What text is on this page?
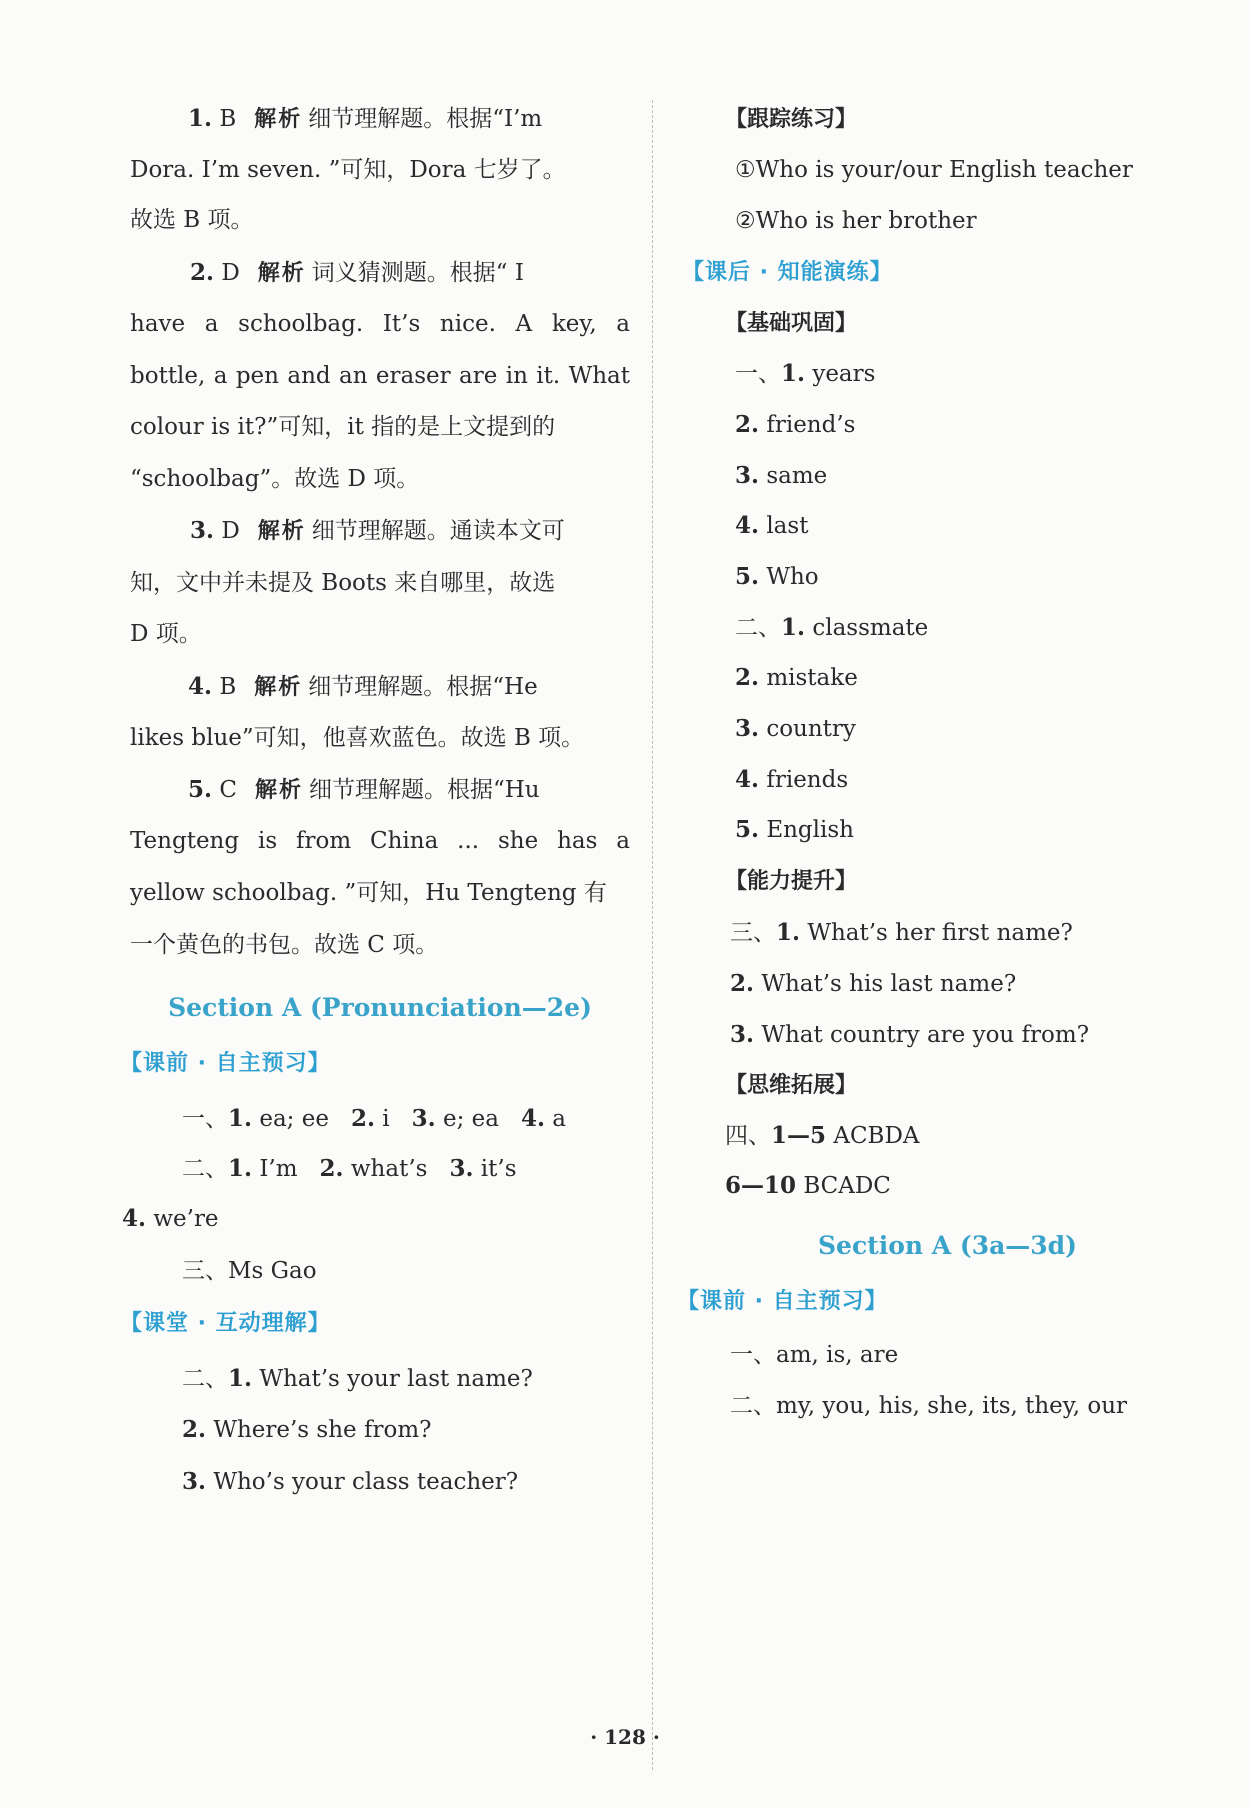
1. B 解析 细节理解题。根据“I’m
Dora. I’m seven. ”可知，Dora 七岁了。
故选 B 项。
2. D 解析 词义猜测题。根据“ I
have a schoolbag. It’s nice. A key, a
bottle, a pen and an eraser are in it. What
colour is it?”可知，it 指的是上文提到的
“schoolbag”。故选 D 项。
3. D 解析 细节理解题。通读本文可
知，文中并未提及 Boots 来自哪里，故选
D 项。
4. B 解析 细节理解题。根据“He
likes blue”可知，他喜欢蓝色。故选 B 项。
5. C 解析 细节理解题。根据“Hu
Tengteng is from China ... she has a
yellow schoolbag. ”可知，Hu Tengteng 有
一个黄色的书包。故选 C 项。
Section A (Pronunciation—2e)
【课前 · 自主预习】
一、1. ea; ee 2. i 3. e; ea 4. a
二、1. I’m 2. what’s 3. it’s
4. we’re
三、Ms Gao
【课堂 · 互动理解】
二、1. What’s your last name?
2. Where’s she from?
3. Who’s your class teacher?
【跟踪练习】
①Who is your/our English teacher
②Who is her brother
【课后 · 知能演练】
【基础巩固】
一、1. years
2. friend’s
3. same
4. last
5. Who
二、1. classmate
2. mistake
3. country
4. friends
5. English
【能力提升】
三、1. What’s her first name?
2. What’s his last name?
3. What country are you from?
【思维拓展】
四、1—5 ACBDA
6—10 BCADC
Section A (3a—3d)
【课前 · 自主预习】
一、am, is, are
二、my, you, his, she, its, they, our
· 128 ·
